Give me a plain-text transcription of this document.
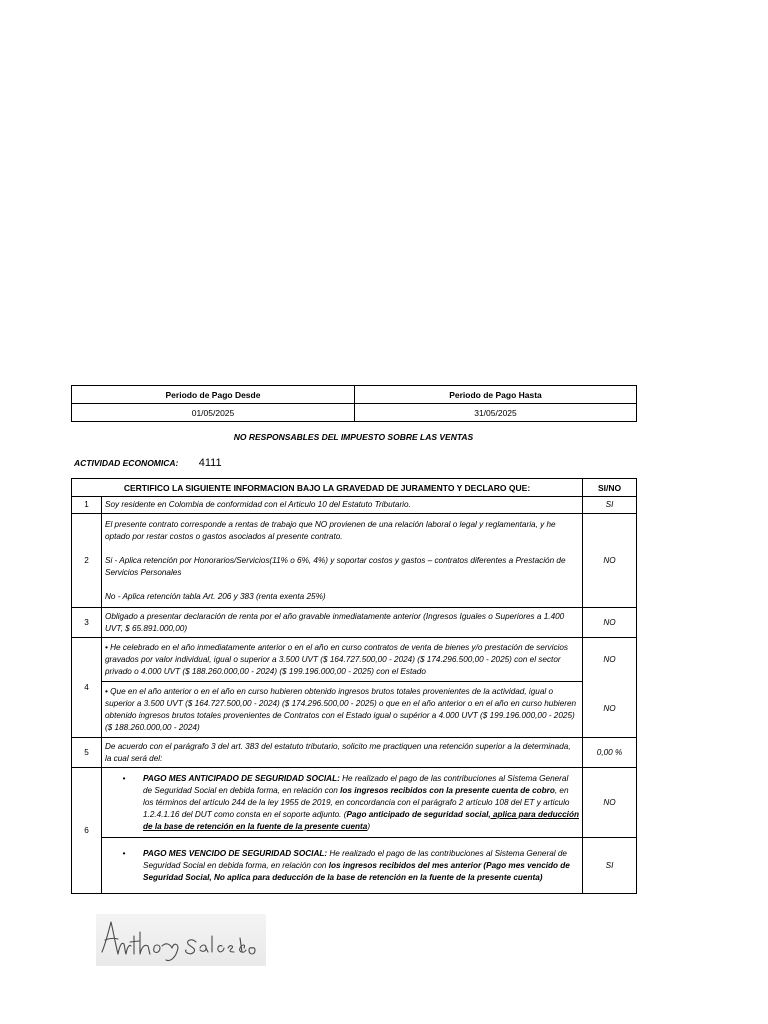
Periodo de Pago Desde	Periodo de Pago Hasta
01/05/2025	31/05/2025
NO RESPONSABLES DEL IMPUESTO SOBRE LAS VENTAS
ACTIVIDAD ECONOMICA: 4111
CERTIFICO LA SIGUIENTE INFORMACION BAJO LA GRAVEDAD DE JURAMENTO Y DECLARO QUE:		SI/NO
1	Soy residente en Colombia de conformidad con el Articulo 10 del Estatuto Tributario.	SI
2	El presente contrato corresponde a rentas de trabajo que NO provienen de una relación laboral o legal y reglamentaria, y he optado por restar costos o gastos asociados al presente contrato.

Si - Aplica retención por Honorarios/Servicios(11% o 6%, 4%) y soportar costos y gastos – contratos diferentes a Prestación de Servicios Personales

No - Aplica retención tabla Art. 206 y 383 (renta exenta 25%)	NO
3	Obligado a presentar declaración de renta por el año gravable inmediatamente anterior (Ingresos Iguales o Superiores a 1.400 UVT, $ 65.891.000,00)	NO
4	• He celebrado en el año inmediatamente anterior o en el año en curso contratos de venta de bienes y/o prestación de servicios gravados por valor individual, igual o superior a 3.500 UVT ($ 164.727.500,00 - 2024) ($ 174.296.500,00 - 2025) con el sector privado o 4.000 UVT ($ 188.260.000,00 - 2024) ($ 199.196.000,00 - 2025) con el Estado	NO
	• Que en el año anterior o en el año en curso hubieren obtenido ingresos brutos totales provenientes de la actividad, igual o superior a 3.500 UVT ($ 164.727.500,00 - 2024) ($ 174.296.500,00 - 2025) o que en el año anterior o en el año en curso hubieren obtenido ingresos brutos totales provenientes de Contratos con el Estado igual o supérior a 4.000 UVT ($ 199.196.000,00 - 2025) ($ 188.260.000,00 - 2024)	NO
5	De acuerdo con el parágrafo 3 del art. 383 del estatuto tributario, solicito me practiquen una retención superior a la determinada, la cual será del:	0,00 %
6	• PAGO MES ANTICIPADO DE SEGURIDAD SOCIAL: He realizado el pago de las contribuciones al Sistema General de Seguridad Social en debida forma, en relación con los ingresos recibidos con la presente cuenta de cobro, en los términos del artículo 244 de la ley 1955 de 2019, en concordancia con el parágrafo 2 artículo 108 del ET y articulo 1.2.4.1.16 del DUT como consta en el soporte adjunto. (Pago anticipado de seguridad social, aplica para deducción de la base de retención en la fuente de la presente cuenta)	NO

	• PAGO MES VENCIDO DE SEGURIDAD SOCIAL: He realizado el pago de las contribuciones al Sistema General de Seguridad Social en debida forma, en relación con los ingresos recibidos del mes anterior (Pago mes vencido de Seguridad Social, No aplica para deducción de la base de retención en la fuente de la presente cuenta)	SI
